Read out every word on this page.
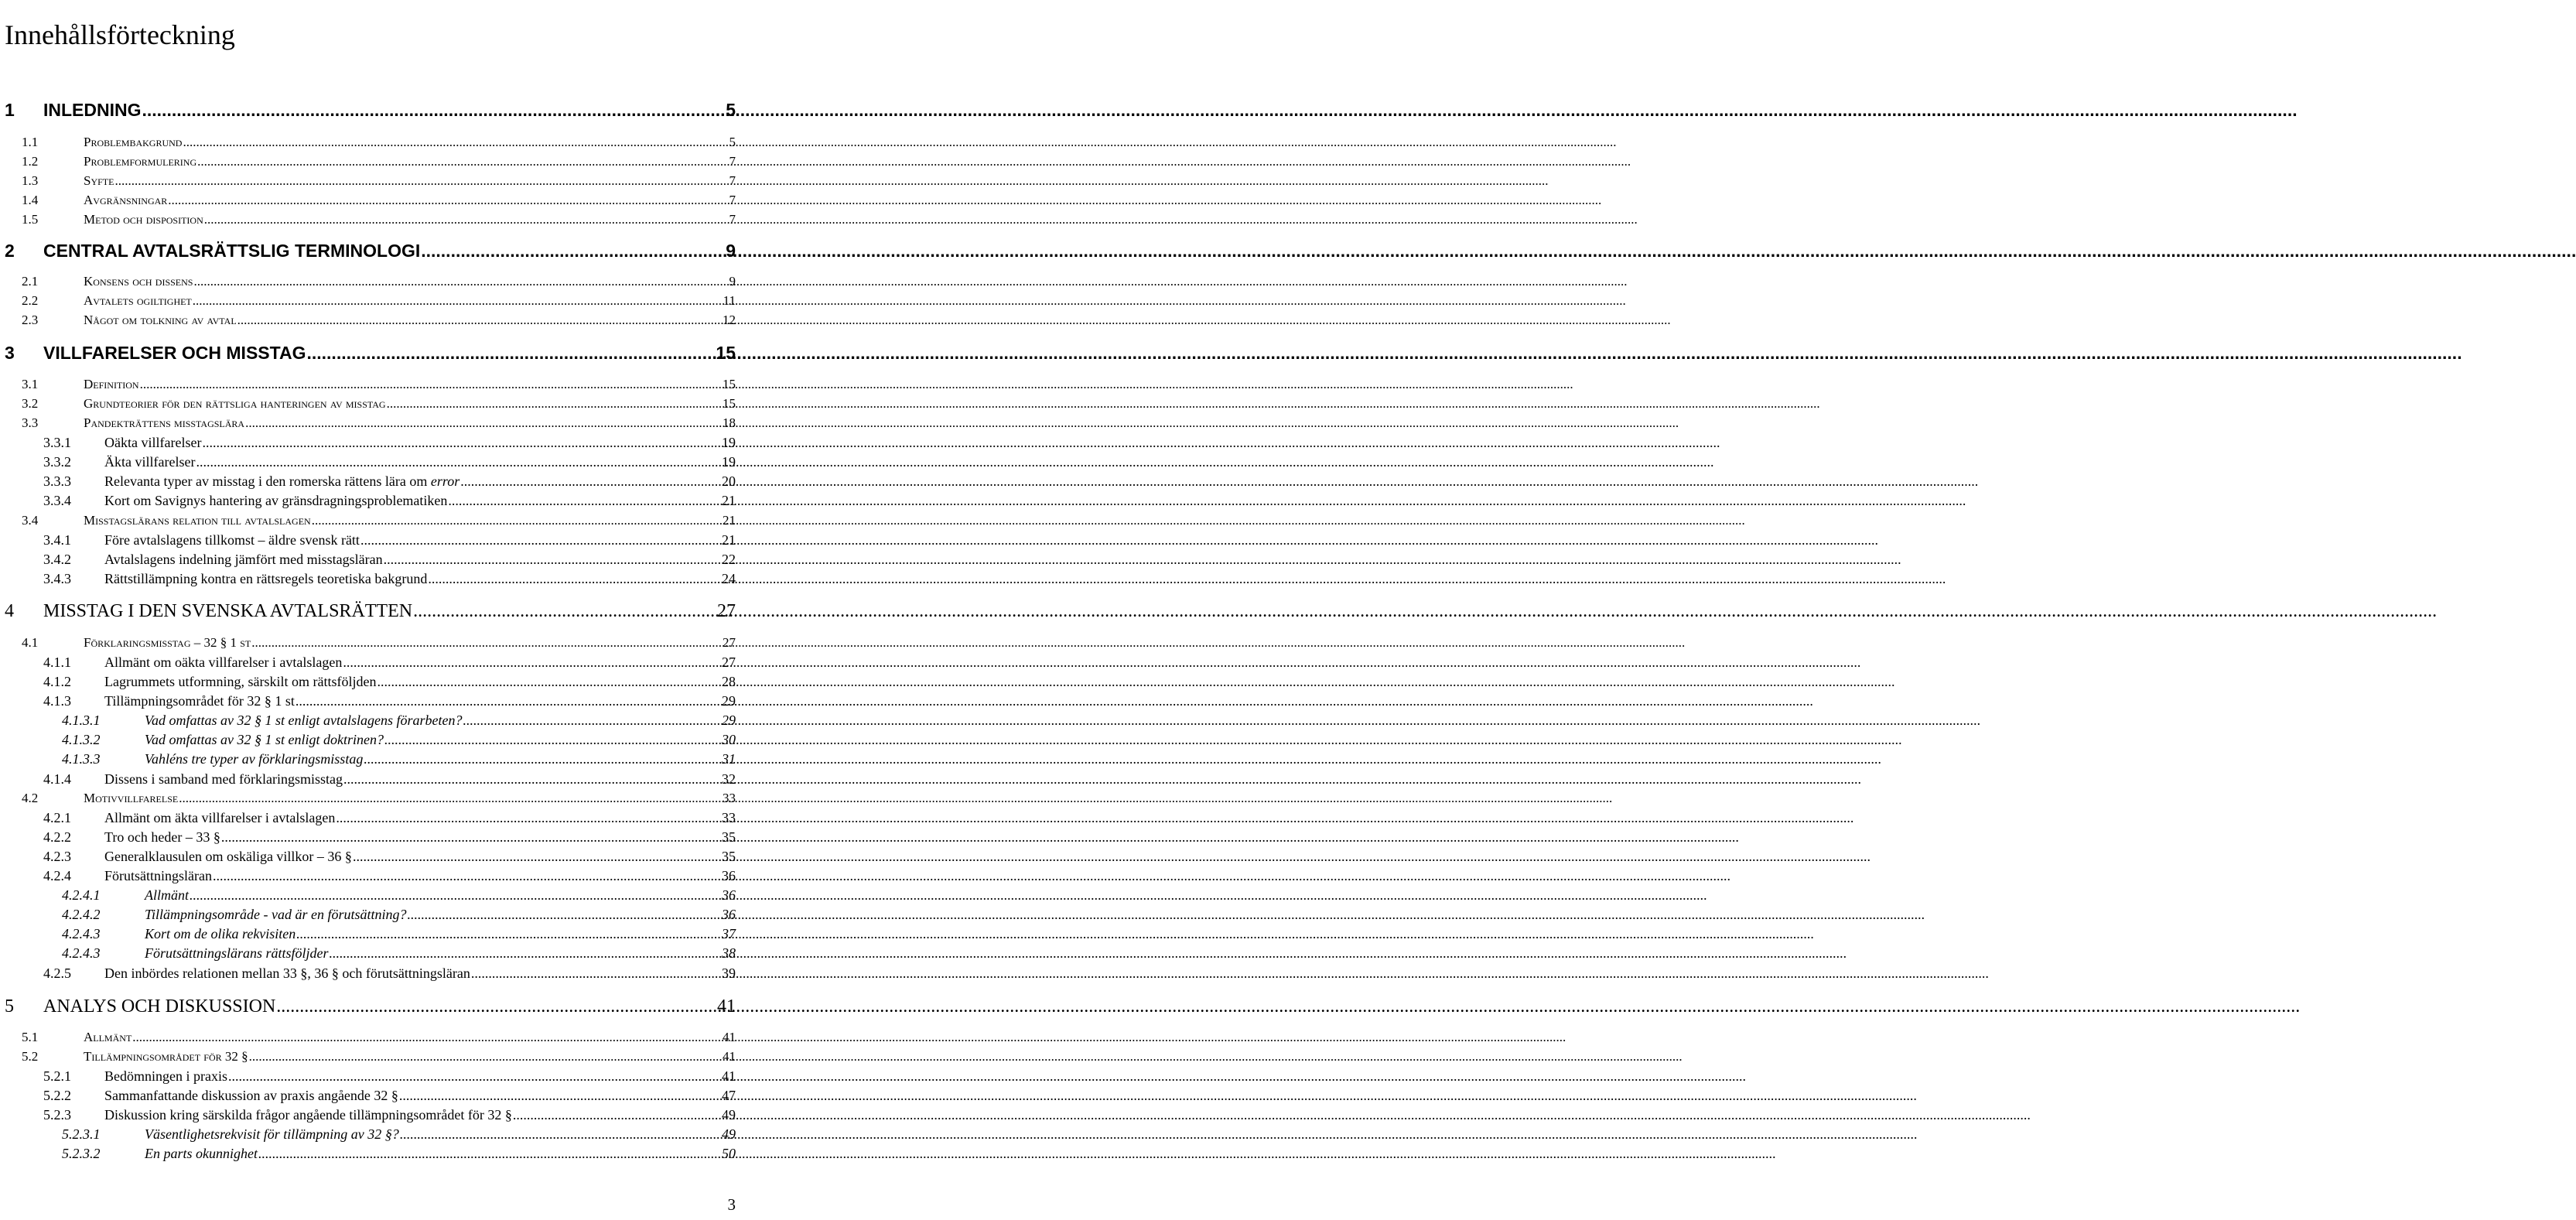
Innehållsförteckning
1	INLEDNING .....	5
1.1	Problembakgrund .....	5
1.2	Problemformulering .....	7
1.3	Syfte .....	7
1.4	Avgränsningar .....	7
1.5	Metod och disposition .....	7
2	CENTRAL AVTALSRÄTTSLIG TERMINOLOGI .....	9
2.1	Konsens och dissens .....	9
2.2	Avtalets ogiltighet .....	11
2.3	Något om tolkning av avtal .....	12
3	VILLFARELSER OCH MISSTAG .....	15
3.1	Definition .....	15
3.2	Grundteorier för den rättsliga hanteringen av misstag .....	15
3.3	Pandekträttens misstagslära .....	18
3.3.1	Oäkta villfarelser .....	19
3.3.2	Äkta villfarelser .....	19
3.3.3	Relevanta typer av misstag i den romerska rättens lära om error .....	20
3.3.4	Kort om Savignys hantering av gränsdragningsproblematiken .....	21
3.4	Misstagslärans relation till avtalslagen .....	21
3.4.1	Före avtalslagens tillkomst – äldre svensk rätt .....	21
3.4.2	Avtalslagens indelning jämfört med misstagsläran .....	22
3.4.3	Rättstillämpning kontra en rättsregels teoretiska bakgrund .....	24
4	MISSTAG I DEN SVENSKA AVTALSRÄTTEN .....	27
4.1	Förklaringsmisstag – 32 § 1 st .....	27
4.1.1	Allmänt om oäkta villfarelser i avtalslagen .....	27
4.1.2	Lagrummets utformning, särskilt om rättsföljden .....	28
4.1.3	Tillämpningsområdet för 32 § 1 st .....	29
4.1.3.1	Vad omfattas av 32 § 1 st enligt avtalslagens förarbeten? .....	29
4.1.3.2	Vad omfattas av 32 § 1 st enligt doktrinen? .....	30
4.1.3.3	Vahléns tre typer av förklaringsmisstag .....	31
4.1.4	Dissens i samband med förklaringsmisstag .....	32
4.2	Motivvillfarelse .....	33
4.2.1	Allmänt om äkta villfarelser i avtalslagen .....	33
4.2.2	Tro och heder – 33 § .....	35
4.2.3	Generalklausulen om oskäliga villkor – 36 § .....	35
4.2.4	Förutsättningsläran .....	36
4.2.4.1	Allmänt .....	36
4.2.4.2	Tillämpningsområde - vad är en förutsättning? .....	36
4.2.4.3	Kort om de olika rekvisiten .....	37
4.2.4.3	Förutsättningslärans rättsföljder .....	38
4.2.5	Den inbördes relationen mellan 33 §, 36 § och förutsättningsläran .....	39
5	ANALYS OCH DISKUSSION .....	41
5.1	Allmänt .....	41
5.2	Tillämpningsområdet för 32 § .....	41
5.2.1	Bedömningen i praxis .....	41
5.2.2	Sammanfattande diskussion av praxis angående 32 § .....	47
5.2.3	Diskussion kring särskilda frågor angående tillämpningsområdet för 32 § .....	49
5.2.3.1	Väsentlighetsrekvisit för tillämpning av 32 §? .....	49
5.2.3.2	En parts okunnighet .....	50
3
